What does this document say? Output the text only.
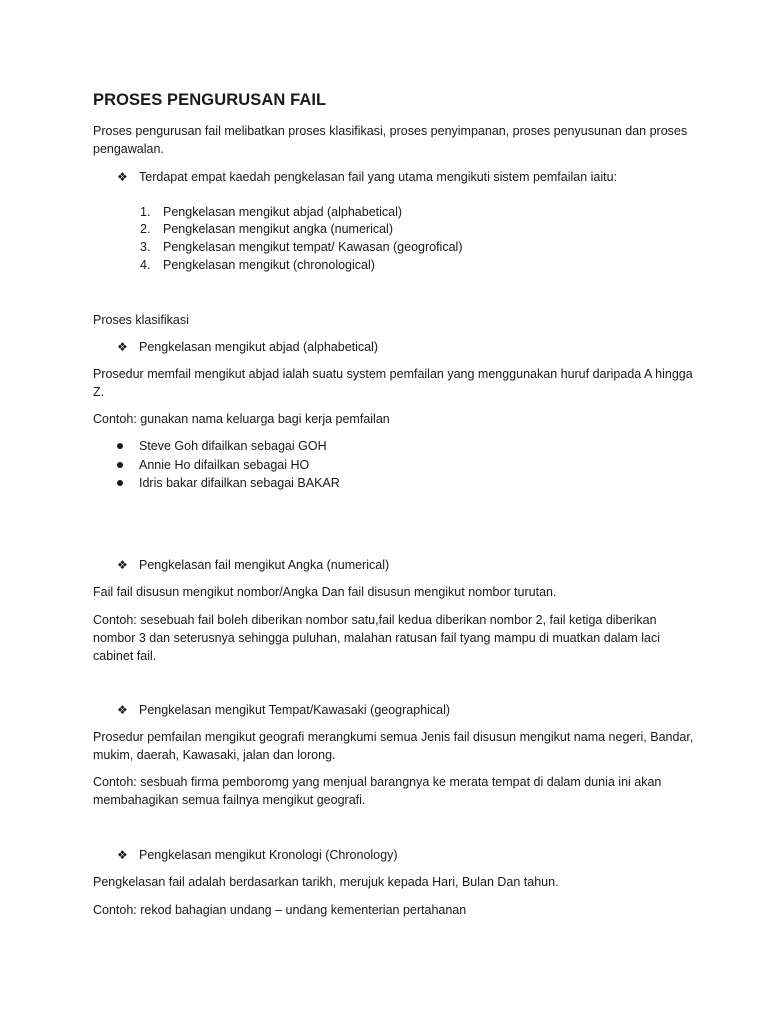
PROSES PENGURUSAN FAIL

Proses pengurusan fail melibatkan proses klasifikasi, proses penyimpanan, proses penyusunan dan proses pengawalan.

❖ Terdapat empat kaedah pengkelasan fail yang utama mengikuti sistem pemfailan iaitu:
1. Pengkelasan mengikut abjad (alphabetical)
2. Pengkelasan mengikut angka (numerical)
3. Pengkelasan mengikut tempat/ Kawasan (geogrofical)
4. Pengkelasan mengikut (chronological)

Proses klasifikasi

❖ Pengkelasan mengikut abjad (alphabetical)

Prosedur memfail mengikut abjad ialah suatu system pemfailan yang menggunakan huruf daripada A hingga Z.

Contoh: gunakan nama keluarga bagi kerja pemfailan

Steve Goh difailkan sebagai GOH
Annie Ho difailkan sebagai HO
Idris bakar difailkan sebagai BAKAR
❖ Pengkelasan fail mengikut Angka (numerical)

Fail fail disusun mengikut nombor/Angka Dan fail disusun mengikut nombor turutan.

Contoh: sesebuah fail boleh diberikan nombor satu,fail kedua diberikan nombor 2, fail ketiga diberikan nombor 3 dan seterusnya sehingga puluhan, malahan ratusan fail tyang mampu di muatkan dalam laci cabinet fail.

❖ Pengkelasan mengikut Tempat/Kawasaki (geographical)

Prosedur pemfailan mengikut geografi merangkumi semua Jenis fail disusun mengikut nama negeri, Bandar, mukim, daerah, Kawasaki, jalan dan lorong.

Contoh: sesbuah firma pemboromg yang menjual barangnya ke merata tempat di dalam dunia ini akan membahagikan semua failnya mengikut geografi.

❖ Pengkelasan mengikut Kronologi (Chronology)

Pengkelasan fail adalah berdasarkan tarikh, merujuk kepada Hari, Bulan Dan tahun.

Contoh: rekod bahagian undang – undang kementerian pertahanan
